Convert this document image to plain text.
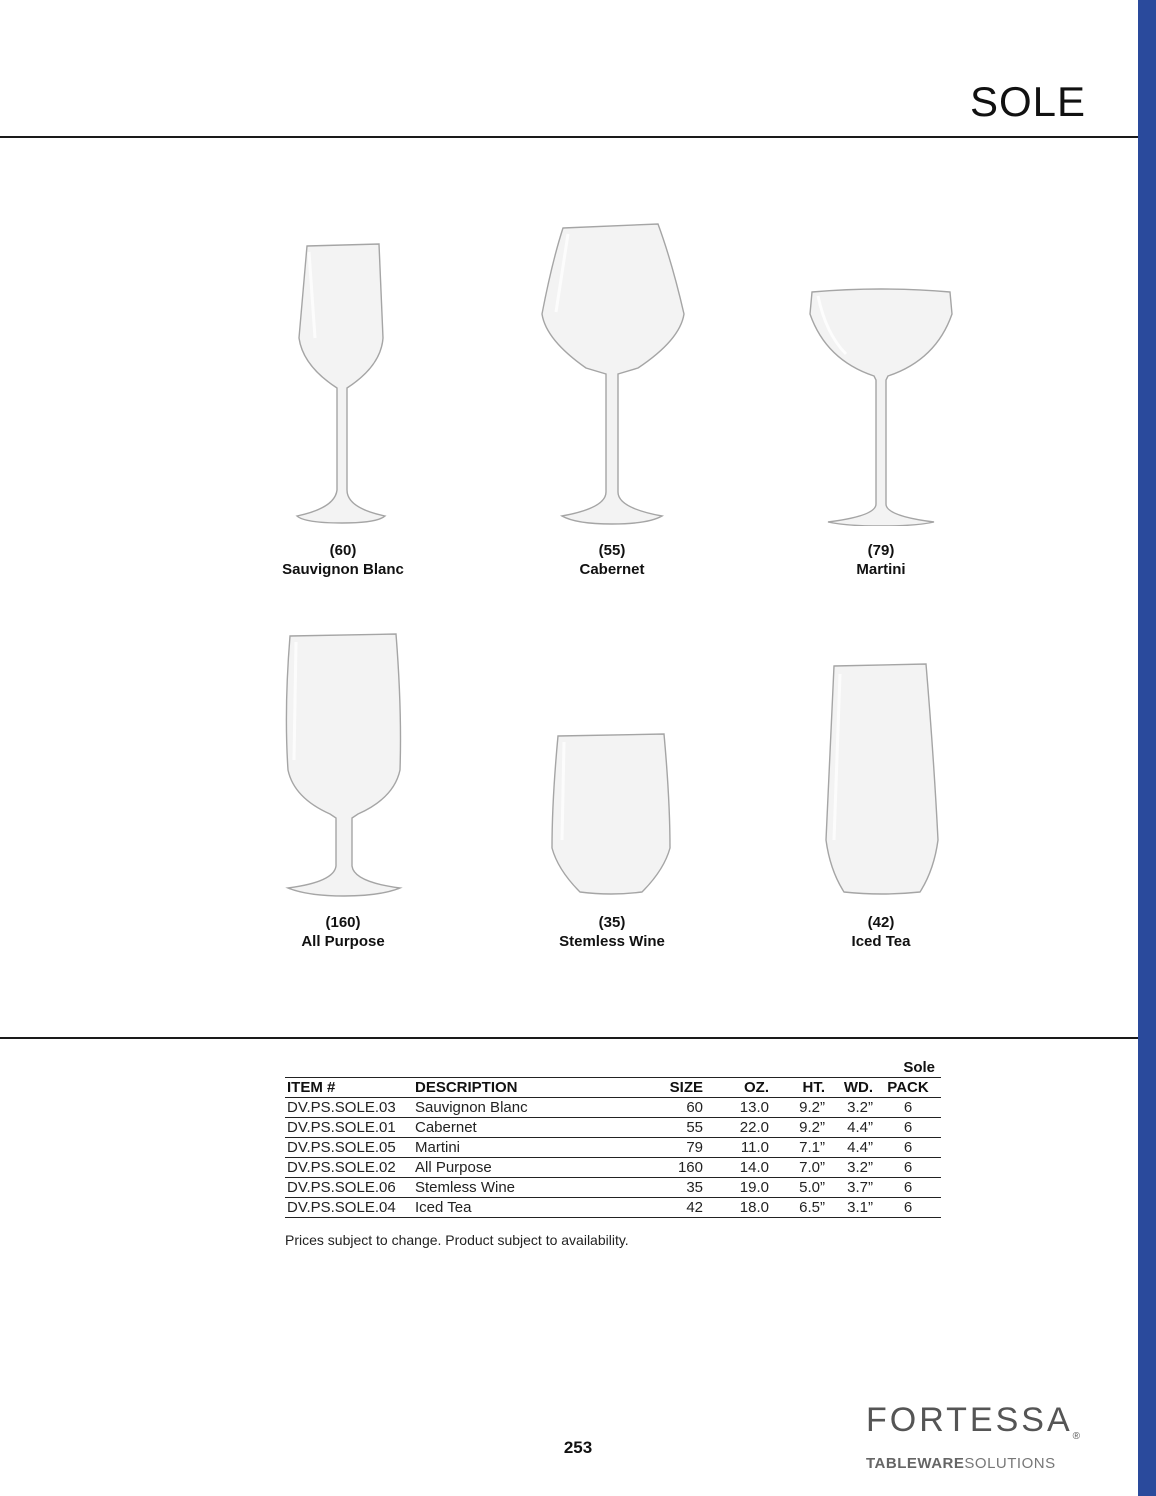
SOLE
(60)
Sauvignon Blanc
(55)
Cabernet
(79)
Martini
(160)
All Purpose
(35)
Stemless Wine
(42)
Iced Tea
						Sole
ITEM #	DESCRIPTION	SIZE	OZ.	HT.	WD.	PACK
DV.PS.SOLE.03	Sauvignon Blanc	60	13.0	9.2”	3.2”	6
DV.PS.SOLE.01	Cabernet	55	22.0	9.2”	4.4”	6
DV.PS.SOLE.05	Martini	79	11.0	7.1”	4.4”	6
DV.PS.SOLE.02	All Purpose	160	14.0	7.0”	3.2”	6
DV.PS.SOLE.06	Stemless Wine	35	19.0	5.0”	3.7”	6
DV.PS.SOLE.04	Iced Tea	42	18.0	6.5”	3.1”	6
Prices subject to change. Product subject to availability.
253
$FORTESSA_®$
TABLEWARESOLUTIONS
